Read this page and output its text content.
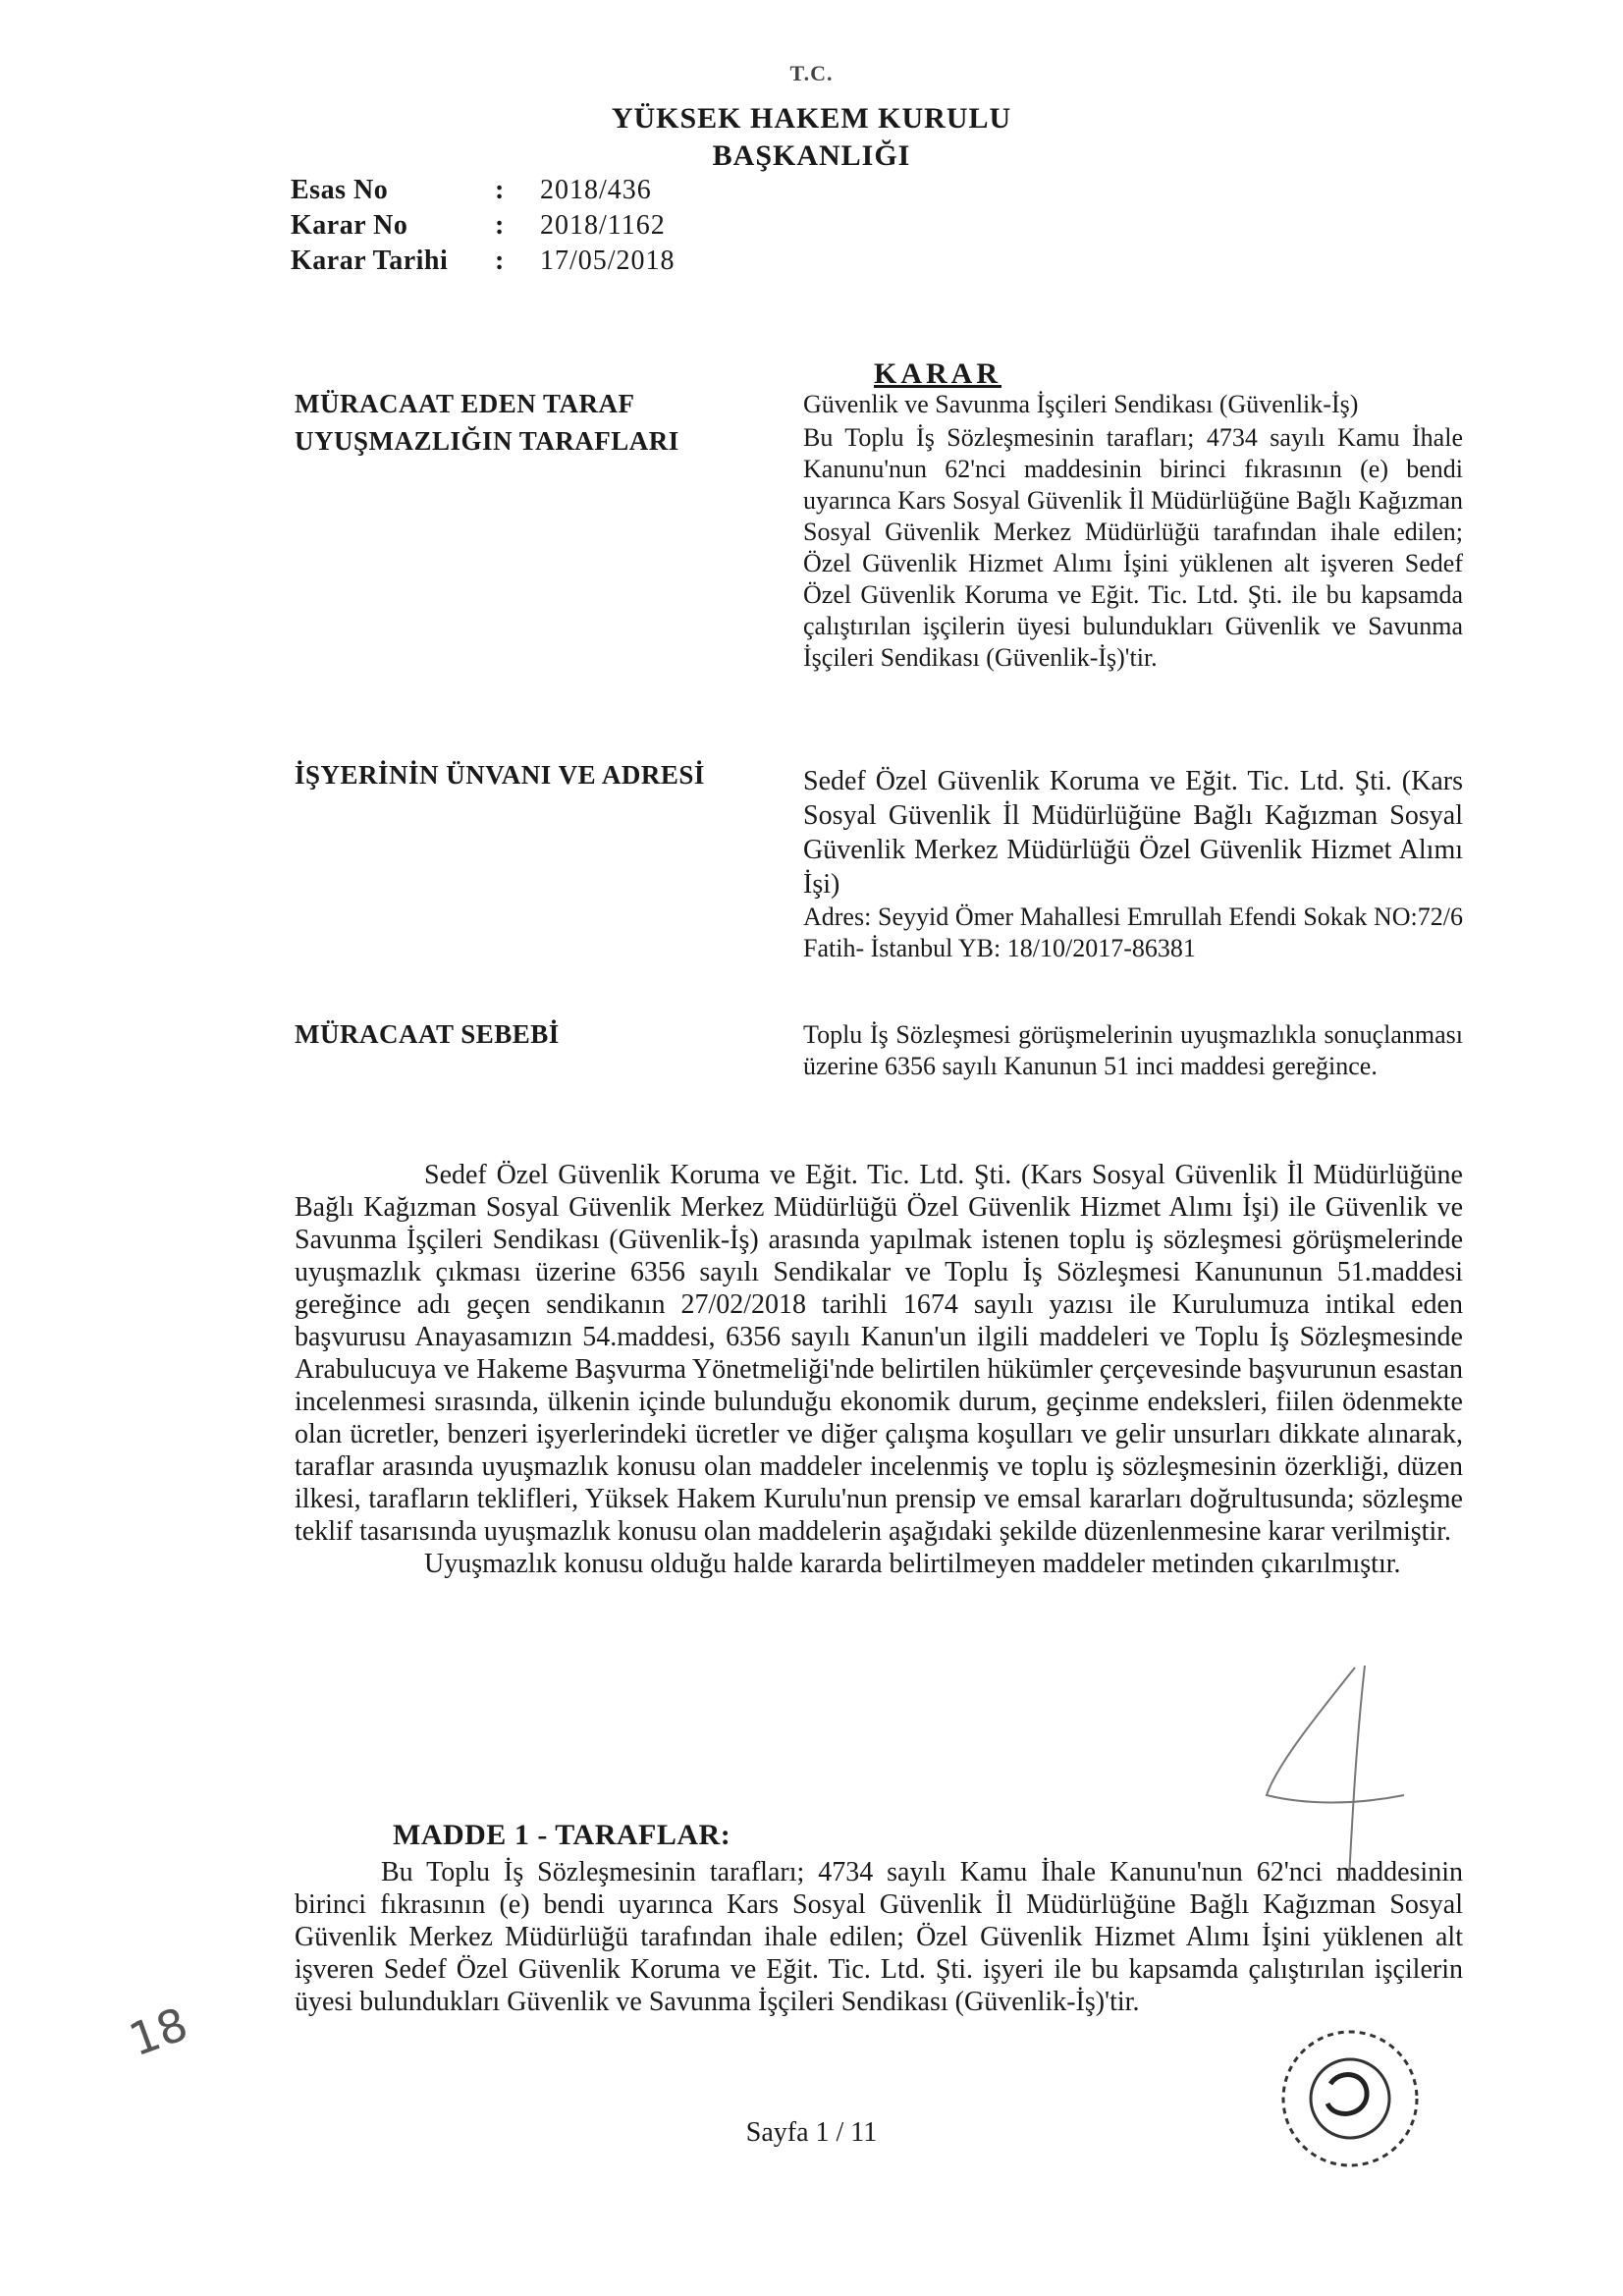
T.C.
YÜKSEK HAKEM KURULU
BAŞKANLIĞI
Esas No	: 2018/436
Karar No	: 2018/1162
Karar Tarihi : 17/05/2018
KARAR
MÜRACAAT EDEN TARAF	Güvenlik ve Savunma İşçileri Sendikası (Güvenlik-İş)
UYUŞMAZLIĞIN TARAFLARI	Bu Toplu İş Sözleşmesinin tarafları; 4734 sayılı Kamu İhale Kanunu'nun 62'nci maddesinin birinci fıkrasının (e) bendi uyarınca Kars Sosyal Güvenlik İl Müdürlüğüne Bağlı Kağızman Sosyal Güvenlik Merkez Müdürlüğü tarafından ihale edilen; Özel Güvenlik Hizmet Alımı İşini yüklenen alt işveren Sedef Özel Güvenlik Koruma ve Eğit. Tic. Ltd. Şti. ile bu kapsamda çalıştırılan işçilerin üyesi bulundukları Güvenlik ve Savunma İşçileri Sendikası (Güvenlik-İş)'tir.
İŞYERİNİN ÜNVANI VE ADRESİ	Sedef Özel Güvenlik Koruma ve Eğit. Tic. Ltd. Şti. (Kars Sosyal Güvenlik İl Müdürlüğüne Bağlı Kağızman Sosyal Güvenlik Merkez Müdürlüğü Özel Güvenlik Hizmet Alımı İşi)

Adres: Seyyid Ömer Mahallesi Emrullah Efendi Sokak NO:72/6 Fatih- İstanbul YB: 18/10/2017-86381

MÜRACAAT SEBEBİ	Toplu İş Sözleşmesi görüşmelerinin uyuşmazlıkla sonuçlanması üzerine 6356 sayılı Kanunun 51 inci maddesi gereğince.

Sedef Özel Güvenlik Koruma ve Eğit. Tic. Ltd. Şti. (Kars Sosyal Güvenlik İl Müdürlüğüne Bağlı Kağızman Sosyal Güvenlik Merkez Müdürlüğü Özel Güvenlik Hizmet Alımı İşi) ile Güvenlik ve Savunma İşçileri Sendikası (Güvenlik-İş) arasında yapılmak istenen toplu iş sözleşmesi görüşmelerinde uyuşmazlık çıkması üzerine 6356 sayılı Sendikalar ve Toplu İş Sözleşmesi Kanununun 51.maddesi gereğince adı geçen sendikanın 27/02/2018 tarihli 1674 sayılı yazısı ile Kurulumuza intikal eden başvurusu Anayasamızın 54.maddesi, 6356 sayılı Kanun'un ilgili maddeleri ve Toplu İş Sözleşmesinde Arabulucuya ve Hakeme Başvurma Yönetmeliği'nde belirtilen hükümler çerçevesinde başvurunun esastan incelenmesi sırasında, ülkenin içinde bulunduğu ekonomik durum, geçinme endeksleri, fiilen ödenmekte olan ücretler, benzeri işyerlerindeki ücretler ve diğer çalışma koşulları ve gelir unsurları dikkate alınarak, taraflar arasında uyuşmazlık konusu olan maddeler incelenmiş ve toplu iş sözleşmesinin özerkliği, düzen ilkesi, tarafların teklifleri, Yüksek Hakem Kurulu'nun prensip ve emsal kararları doğrultusunda; sözleşme teklif tasarısında uyuşmazlık konusu olan maddelerin aşağıdaki şekilde düzenlenmesine karar verilmiştir.

Uyuşmazlık konusu olduğu halde kararda belirtilmeyen maddeler metinden çıkarılmıştır.

MADDE 1 - TARAFLAR:

Bu Toplu İş Sözleşmesinin tarafları; 4734 sayılı Kamu İhale Kanunu'nun 62'nci maddesinin birinci fıkrasının (e) bendi uyarınca Kars Sosyal Güvenlik İl Müdürlüğüne Bağlı Kağızman Sosyal Güvenlik Merkez Müdürlüğü tarafından ihale edilen; Özel Güvenlik Hizmet Alımı İşini yüklenen alt işveren Sedef Özel Güvenlik Koruma ve Eğit. Tic. Ltd. Şti. işyeri ile bu kapsamda çalıştırılan işçilerin üyesi bulundukları Güvenlik ve Savunma İşçileri Sendikası (Güvenlik-İş)'tir.

Sayfa 1 / 11
18
